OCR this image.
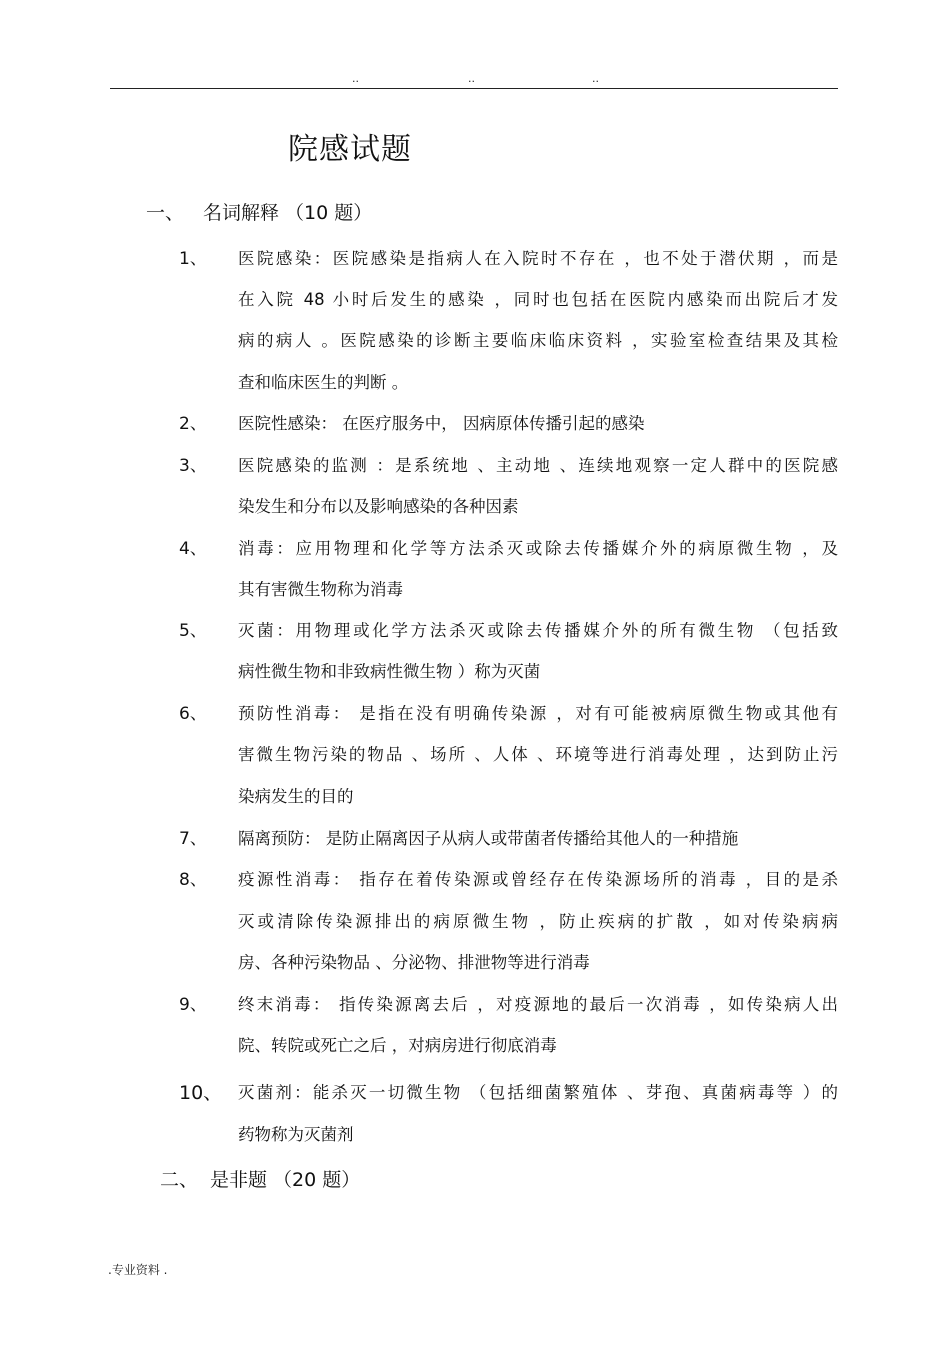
..	..	..
院感试题
一、 名词解释 （10 题）
1、 医院感染：医院感染是指病人在入院时不存在 ，也不处于潜伏期 ，而是
在入院 48 小时后发生的感染 ，同时也包括在医院内感染而出院后才发
病的病人 。医院感染的诊断主要临床临床资料 ，实验室检查结果及其检
查和临床医生的判断 。
2、 医院性感染： 在医疗服务中， 因病原体传播引起的感染
3、 医院感染的监测 ：是系统地 、主动地 、连续地观察一定人群中的医院感
染发生和分布以及影响感染的各种因素
4、 消毒：应用物理和化学等方法杀灭或除去传播媒介外的病原微生物 ，及
其有害微生物称为消毒
5、 灭菌：用物理或化学方法杀灭或除去传播媒介外的所有微生物 （包括致
病性微生物和非致病性微生物 ）称为灭菌
6、 预防性消毒： 是指在没有明确传染源 ，对有可能被病原微生物或其他有
害微生物污染的物品 、场所 、人体 、环境等进行消毒处理 ，达到防止污
染病发生的目的
7、 隔离预防： 是防止隔离因子从病人或带菌者传播给其他人的一种措施
8、 疫源性消毒： 指存在着传染源或曾经存在传染源场所的消毒 ，目的是杀
灭或清除传染源排出的病原微生物 ，防止疾病的扩散 ，如对传染病病
房、各种污染物品 、分泌物、排泄物等进行消毒
9、 终末消毒： 指传染源离去后 ，对疫源地的最后一次消毒 ，如传染病人出
院、转院或死亡之后 ，对病房进行彻底消毒
10、 灭菌剂：能杀灭一切微生物 （包括细菌繁殖体 、芽孢、真菌病毒等 ）的
药物称为灭菌剂
二、 是非题 （20 题）
.专业资料 .
